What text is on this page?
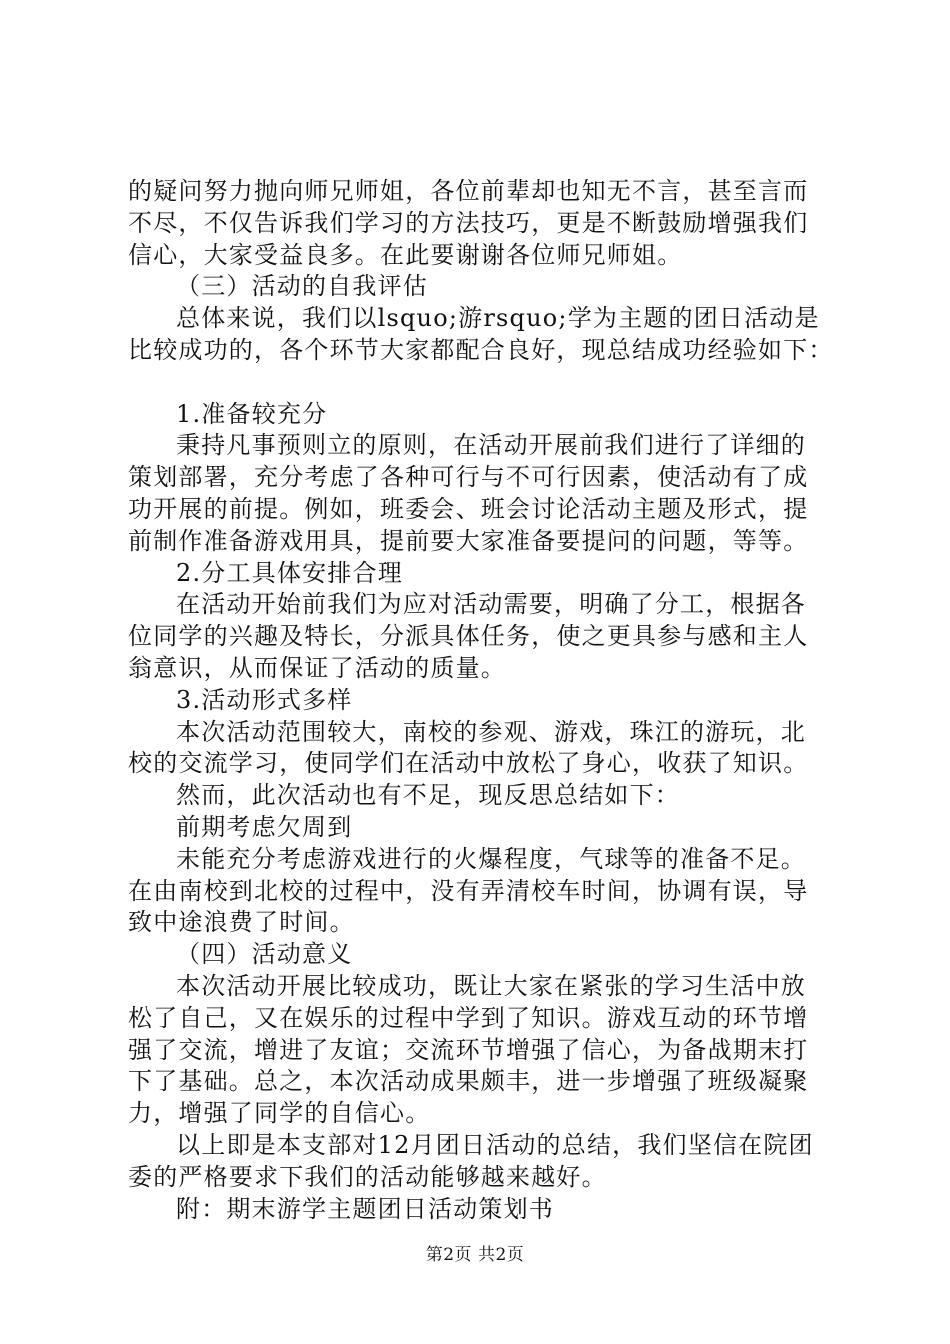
的疑问努力抛向师兄师姐，各位前辈却也知无不言，甚至言而
不尽，不仅告诉我们学习的方法技巧，更是不断鼓励增强我们
信心，大家受益良多。在此要谢谢各位师兄师姐。
（三）活动的自我评估
总体来说，我们以lsquo;游rsquo;学为主题的团日活动是
比较成功的，各个环节大家都配合良好，现总结成功经验如下：
1.准备较充分
秉持凡事预则立的原则，在活动开展前我们进行了详细的
策划部署，充分考虑了各种可行与不可行因素，使活动有了成
功开展的前提。例如，班委会、班会讨论活动主题及形式，提
前制作准备游戏用具，提前要大家准备要提问的问题，等等。
2.分工具体安排合理
在活动开始前我们为应对活动需要，明确了分工，根据各
位同学的兴趣及特长，分派具体任务，使之更具参与感和主人
翁意识，从而保证了活动的质量。
3.活动形式多样
本次活动范围较大，南校的参观、游戏，珠江的游玩，北
校的交流学习，使同学们在活动中放松了身心，收获了知识。
然而，此次活动也有不足，现反思总结如下：
前期考虑欠周到
未能充分考虑游戏进行的火爆程度，气球等的准备不足。
在由南校到北校的过程中，没有弄清校车时间，协调有误，导
致中途浪费了时间。
（四）活动意义
本次活动开展比较成功，既让大家在紧张的学习生活中放
松了自己，又在娱乐的过程中学到了知识。游戏互动的环节增
强了交流，增进了友谊；交流环节增强了信心，为备战期末打
下了基础。总之，本次活动成果颇丰，进一步增强了班级凝聚
力，增强了同学的自信心。
以上即是本支部对12月团日活动的总结，我们坚信在院团
委的严格要求下我们的活动能够越来越好。
附：期末游学主题团日活动策划书
第2页 共2页
